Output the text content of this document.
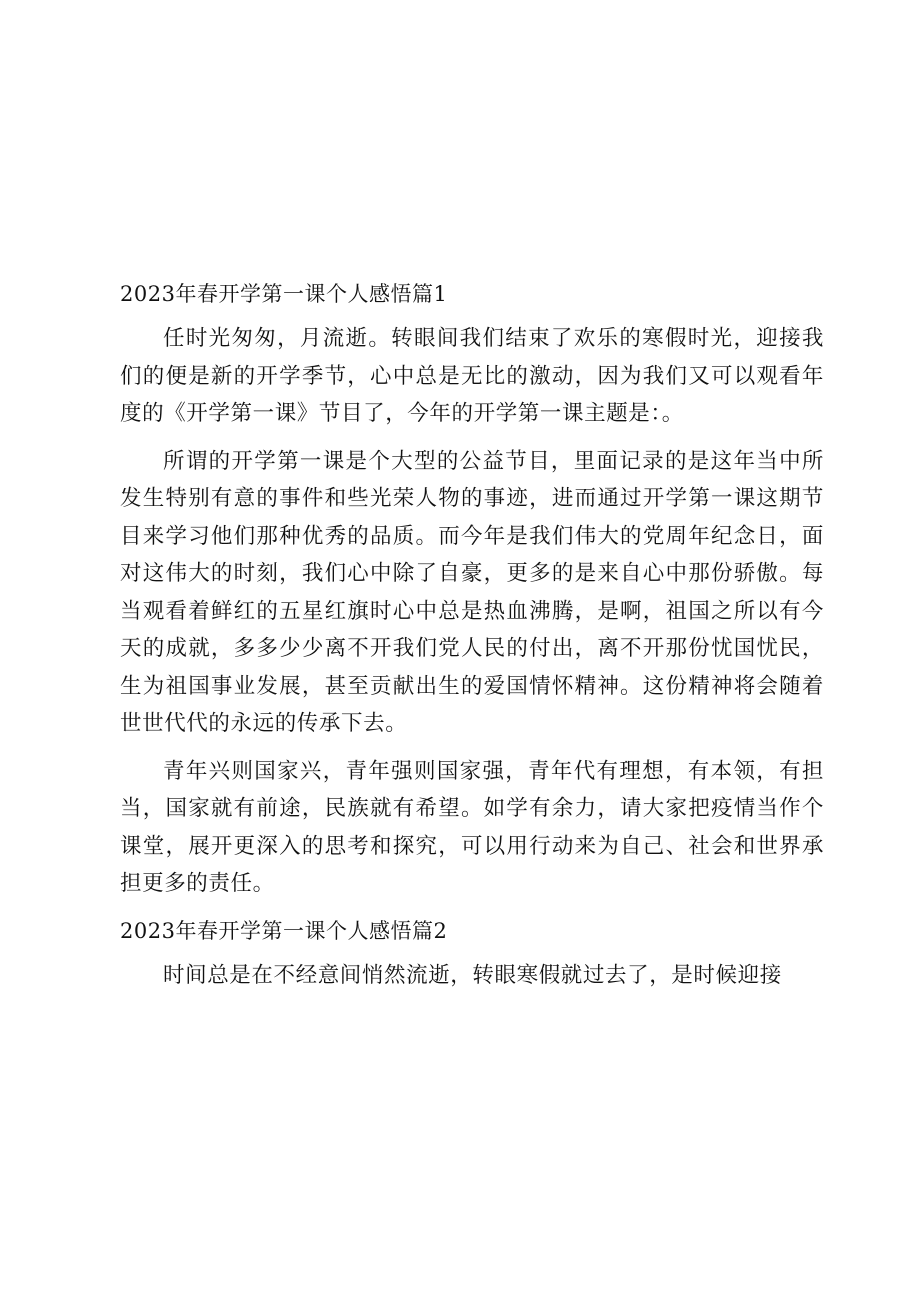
2023年春开学第一课个人感悟篇1

任时光匆匆，月流逝。转眼间我们结束了欢乐的寒假时光，迎接我们的便是新的开学季节，心中总是无比的激动，因为我们又可以观看年度的《开学第一课》节目了，今年的开学第一课主题是：。

所谓的开学第一课是个大型的公益节目，里面记录的是这年当中所发生特别有意的事件和些光荣人物的事迹，进而通过开学第一课这期节目来学习他们那种优秀的品质。而今年是我们伟大的党周年纪念日，面对这伟大的时刻，我们心中除了自豪，更多的是来自心中那份骄傲。每当观看着鲜红的五星红旗时心中总是热血沸腾，是啊，祖国之所以有今天的成就，多多少少离不开我们党人民的付出，离不开那份忧国忧民，生为祖国事业发展，甚至贡献出生的爱国情怀精神。这份精神将会随着世世代代的永远的传承下去。

青年兴则国家兴，青年强则国家强，青年代有理想，有本领，有担当，国家就有前途，民族就有希望。如学有余力，请大家把疫情当作个课堂，展开更深入的思考和探究，可以用行动来为自己、社会和世界承担更多的责任。

2023年春开学第一课个人感悟篇2

时间总是在不经意间悄然流逝，转眼寒假就过去了，是时候迎接
